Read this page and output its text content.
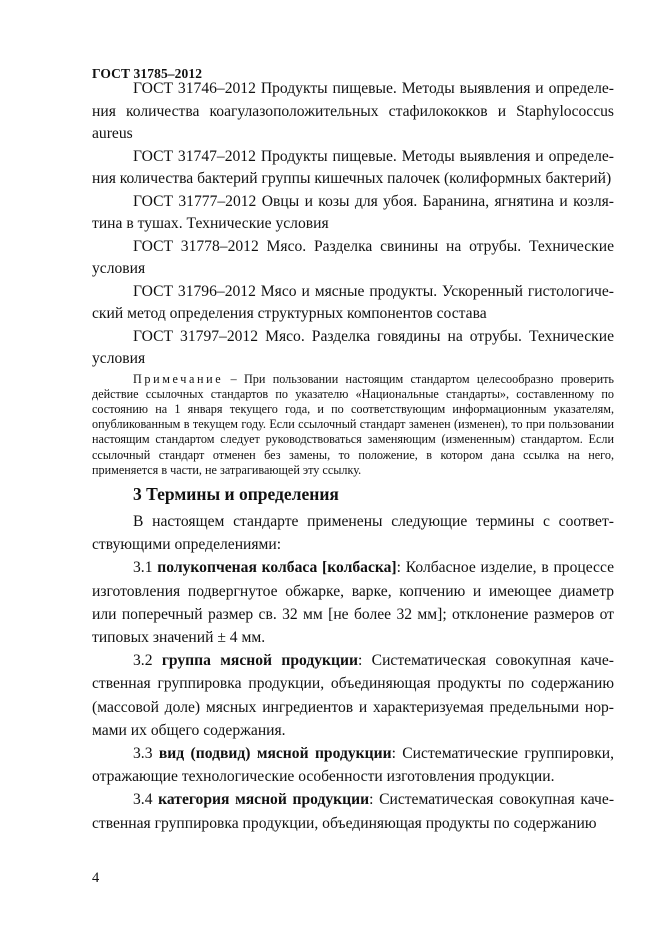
ГОСТ 31785–2012

ГОСТ 31746–2012 Продукты пищевые. Методы выявления и определения количества коагулазоположительных стафилококков и Staphylococcus aureus

ГОСТ 31747–2012 Продукты пищевые. Методы выявления и определения количества бактерий группы кишечных палочек (колиформных бактерий)

ГОСТ 31777–2012 Овцы и козы для убоя. Баранина, ягнятина и козлятина в тушах. Технические условия

ГОСТ 31778–2012 Мясо. Разделка свинины на отрубы. Технические условия

ГОСТ 31796–2012 Мясо и мясные продукты. Ускоренный гистологический метод определения структурных компонентов состава

ГОСТ 31797–2012 Мясо. Разделка говядины на отрубы. Технические условия

Примечание – При пользовании настоящим стандартом целесообразно проверить действие ссылочных стандартов по указателю «Национальные стандарты», составленному по состоянию на 1 января текущего года, и по соответствующим информационным указателям, опубликованным в текущем году. Если ссылочный стандарт заменен (изменен), то при пользовании настоящим стандартом следует руководствоваться заменяющим (измененным) стандартом. Если ссылочный стандарт отменен без замены, то положение, в котором дана ссылка на него, применяется в части, не затрагивающей эту ссылку.

3 Термины и определения

В настоящем стандарте применены следующие термины с соответствующими определениями:

3.1 полукопченая колбаса [колбаска]: Колбасное изделие, в процессе изготовления подвергнутое обжарке, варке, копчению и имеющее диаметр или поперечный размер св. 32 мм [не более 32 мм]; отклонение размеров от типовых значений ± 4 мм.

3.2 группа мясной продукции: Систематическая совокупная качественная группировка продукции, объединяющая продукты по содержанию (массовой доле) мясных ингредиентов и характеризуемая предельными нормами их общего содержания.

3.3 вид (подвид) мясной продукции: Систематические группировки, отражающие технологические особенности изготовления продукции.

3.4 категория мясной продукции: Систематическая совокупная качественная группировка продукции, объединяющая продукты по содержанию

4
